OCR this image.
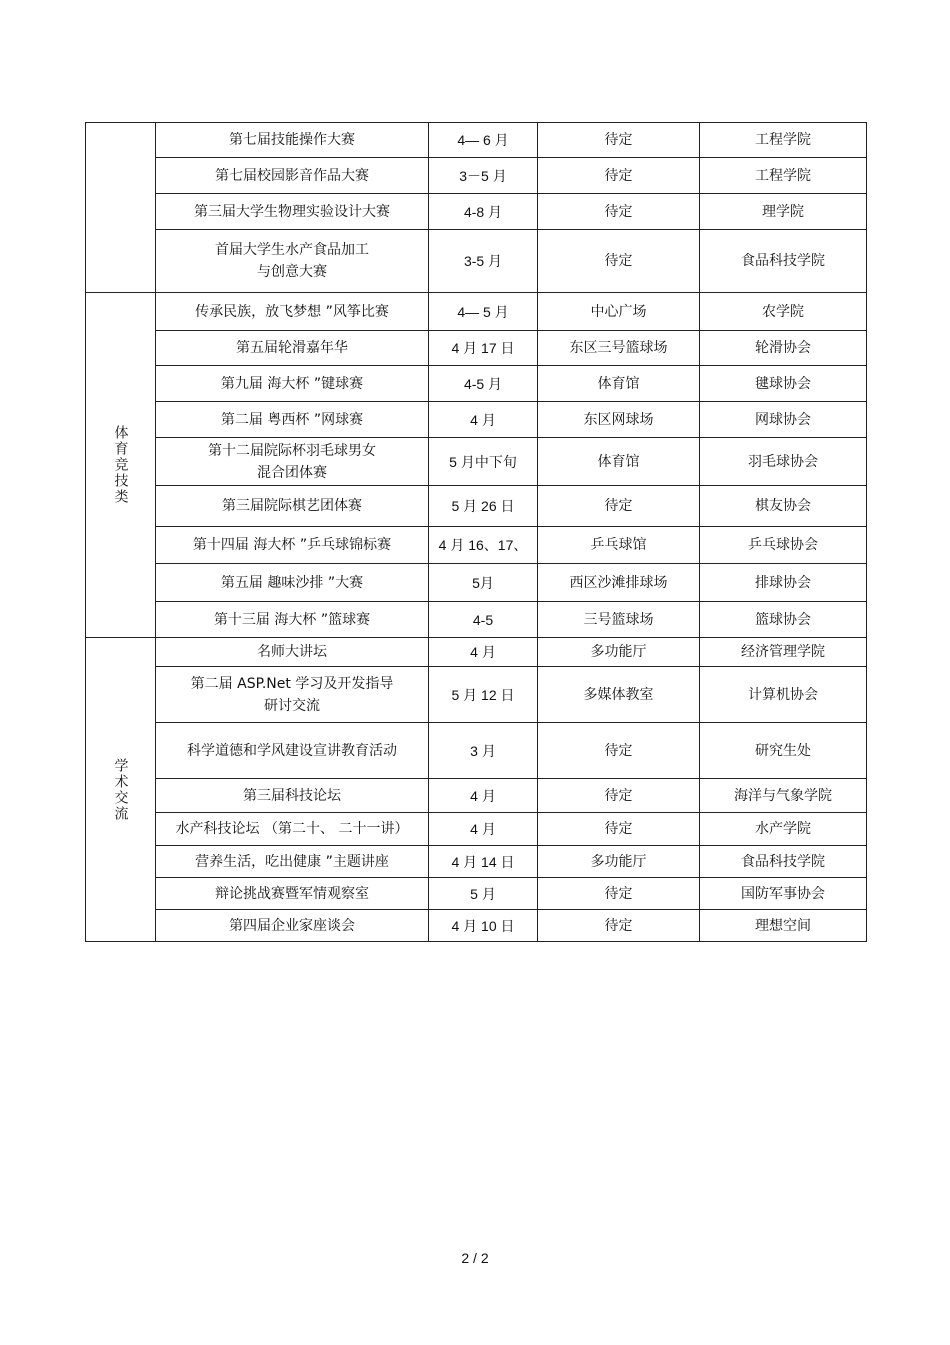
	第七届技能操作大赛	4— 6 月	待定	工程学院
	第七届校园影音作品大赛	3－5 月	待定	工程学院
	第三届大学生物理实验设计大赛	4-8 月	待定	理学院
	首届大学生水产食品加工
与创意大赛	3-5 月	待定	食品科技学院
体育竞技类	传承民族，放飞梦想 ”风筝比赛	4— 5 月	中心广场	农学院
	第五届轮滑嘉年华	4 月 17 日	东区三号篮球场	轮滑协会
	第九届 海大杯 ”键球赛	4-5 月	体育馆	毽球协会
	第二届 粤西杯 ”网球赛	4 月	东区网球场	网球协会
	第十二届院际杯羽毛球男女
混合团体赛	5 月中下旬	体育馆	羽毛球协会
	第三届院际棋艺团体赛	5 月 26 日	待定	棋友协会
	第十四届 海大杯 ”乒乓球锦标赛	4 月 16、17、	乒乓球馆	乒乓球协会
	第五届 趣味沙排 ”大赛	5月	西区沙滩排球场	排球协会
	第十三届 海大杯 ”篮球赛	4-5	三号篮球场	篮球协会
学术交流	名师大讲坛	4 月	多功能厅	经济管理学院
	第二届 ASP.Net 学习及开发指导
研讨交流	5 月 12 日	多媒体教室	计算机协会
	科学道德和学风建设宣讲教育活动	3 月	待定	研究生处
	第三届科技论坛	4 月	待定	海洋与气象学院
	水产科技论坛 （第二十、 二十一讲）	4 月	待定	水产学院
	营养生活，吃出健康 ”主题讲座	4 月 14 日	多功能厅	食品科技学院
	辩论挑战赛暨军情观察室	5 月	待定	国防军事协会
	第四届企业家座谈会	4 月 10 日	待定	理想空间
2 / 2
